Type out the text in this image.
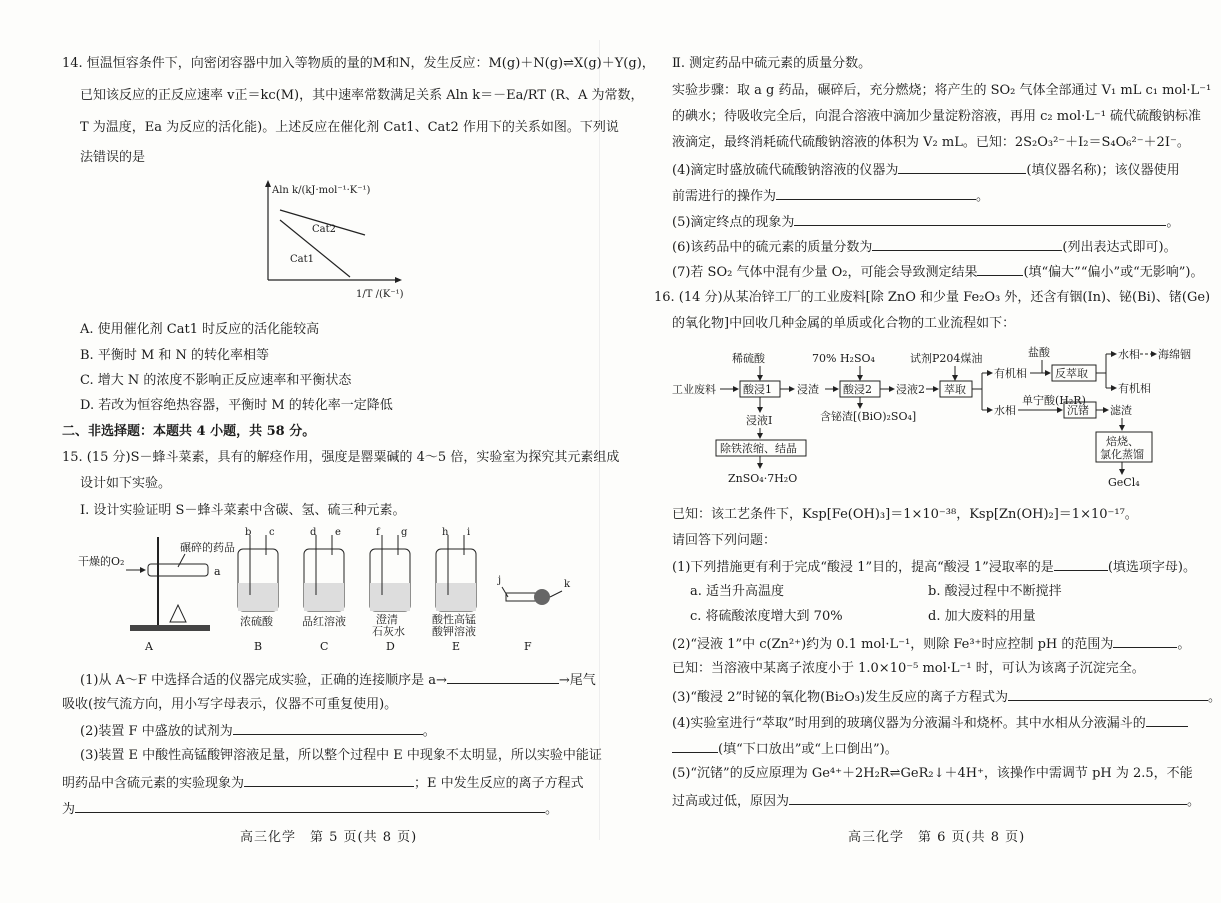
14. 恒温恒容条件下，向密闭容器中加入等物质的量的M和N，发生反应：M(g)＋N(g)⇌X(g)＋Y(g)，
已知该反应的正反应速率 v正＝kc(M)，其中速率常数满足关系 Aln k＝－Ea/RT (R、A 为常数，
T 为温度，Ea 为反应的活化能)。上述反应在催化剂 Cat1、Cat2 作用下的关系如图。下列说
法错误的是
Aln k/(kJ·mol⁻¹·K⁻¹)
Cat2
Cat1
1/T /(K⁻¹)
A. 使用催化剂 Cat1 时反应的活化能较高
B. 平衡时 M 和 N 的转化率相等
C. 增大 N 的浓度不影响正反应速率和平衡状态
D. 若改为恒容绝热容器，平衡时 M 的转化率一定降低
二、非选择题：本题共 4 小题，共 58 分。
15. (15 分)S－蜂斗菜素，具有的解痉作用，强度是罂粟碱的 4～5 倍，实验室为探究其元素组成
设计如下实验。
Ⅰ. 设计实验证明 S－蜂斗菜素中含碳、氢、硫三种元素。
干燥的O₂
碾碎的药品
a
A
b c
浓硫酸
B
d e
品红溶液
C
f g
澄清
石灰水
D
h i
酸性高锰
酸钾溶液
E
j	k
F
(1)从 A～F 中选择合适的仪器完成实验，正确的连接顺序是 a→	→尾气
吸收(按气流方向，用小写字母表示，仪器不可重复使用)。
(2)装置 F 中盛放的试剂为	。
(3)装置 E 中酸性高锰酸钾溶液足量，所以整个过程中 E 中现象不太明显，所以实验中能证
明药品中含硫元素的实验现象为	；E 中发生反应的离子方程式
为	。
高三化学　第 5 页(共 8 页)
Ⅱ. 测定药品中硫元素的质量分数。
实验步骤：取 a g 药品，碾碎后，充分燃烧；将产生的 SO₂ 气体全部通过 V₁ mL c₁ mol·L⁻¹
的碘水；待吸收完全后，向混合溶液中滴加少量淀粉溶液，再用 c₂ mol·L⁻¹ 硫代硫酸钠标准
液滴定，最终消耗硫代硫酸钠溶液的体积为 V₂ mL。已知：2S₂O₃²⁻＋I₂＝S₄O₆²⁻＋2I⁻。
(4)滴定时盛放硫代硫酸钠溶液的仪器为	(填仪器名称)；该仪器使用
前需进行的操作为	。
(5)滴定终点的现象为	。
(6)该药品中的硫元素的质量分数为	(列出表达式即可)。
(7)若 SO₂ 气体中混有少量 O₂，可能会导致测定结果	(填“偏大”“偏小”或“无影响”)。
16. (14 分)从某冶锌工厂的工业废料[除 ZnO 和少量 Fe₂O₃ 外，还含有铟(In)、铋(Bi)、锗(Ge)
的氧化物]中回收几种金属的单质或化合物的工业流程如下：
工业废料
稀硫酸
酸浸1 浸渣
70% H₂SO₄
酸浸2 浸液2
试剂P204煤油
萃取
有机相
盐酸
反萃取
水相 海绵铟
有机相
水相
单宁酸(H₂R)
沉锗 滤渣
焙烧、
氯化蒸馏
GeCl₄
浸液Ⅰ	含铋渣[(BiO)₂SO₄]
除铁浓缩、结晶
ZnSO₄·7H₂O
已知：该工艺条件下，Ksp[Fe(OH)₃]＝1×10⁻³⁸，Ksp[Zn(OH)₂]＝1×10⁻¹⁷。
请回答下列问题：
(1)下列措施更有利于完成“酸浸 1”目的，提高“酸浸 1”浸取率的是	(填选项字母)。
a. 适当升高温度	b. 酸浸过程中不断搅拌
c. 将硫酸浓度增大到 70%	d. 加大废料的用量
(2)“浸液 1”中 c(Zn²⁺)约为 0.1 mol·L⁻¹，则除 Fe³⁺时应控制 pH 的范围为	。
已知：当溶液中某离子浓度小于 1.0×10⁻⁵ mol·L⁻¹ 时，可认为该离子沉淀完全。
(3)“酸浸 2”时铋的氧化物(Bi₂O₃)发生反应的离子方程式为	。
(4)实验室进行“萃取”时用到的玻璃仪器为分液漏斗和烧杯。其中水相从分液漏斗的
(填“下口放出”或“上口倒出”)。
(5)“沉锗”的反应原理为 Ge⁴⁺＋2H₂R⇌GeR₂↓＋4H⁺，该操作中需调节 pH 为 2.5，不能
过高或过低，原因为	。
高三化学　第 6 页(共 8 页)
